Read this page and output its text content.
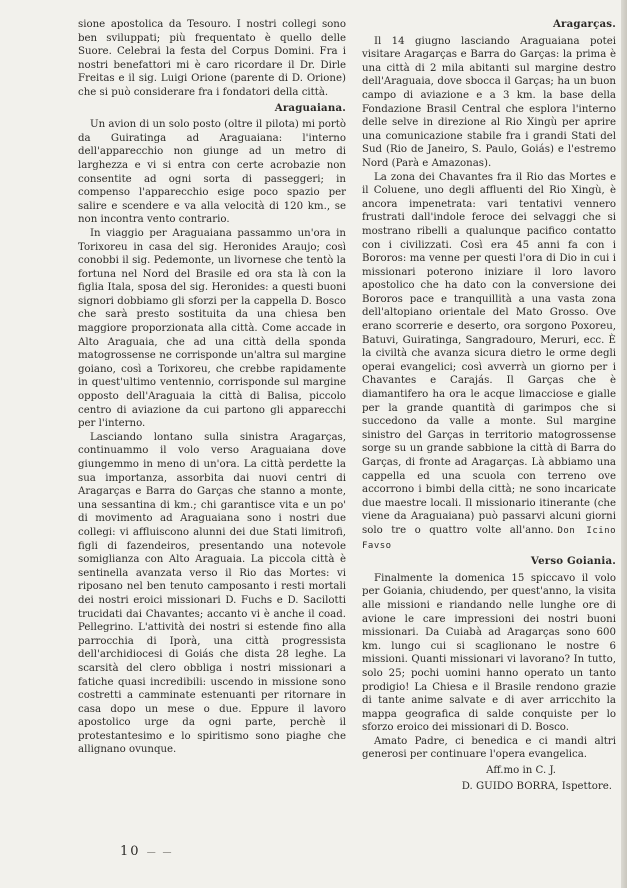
sione apostolica da Tesouro. I nostri collegi sono ben sviluppati; più frequentato è quello delle Suore. Celebrai la festa del Corpus Domini. Fra i nostri benefattori mi è caro ricordare il Dr. Dirle Freitas e il sig. Luigi Orione (parente di D. Orione) che si può considerare fra i fondatori della città.

Araguaiana.

Un avion di un solo posto (oltre il pilota) mi portò da Guiratinga ad Araguaiana: l'interno dell'apparecchio non giunge ad un metro di larghezza e vi si entra con certe acrobazie non consentite ad ogni sorta di passeggeri; in compenso l'apparecchio esige poco spazio per salire e scendere e va alla velocità di 120 km., se non incontra vento contrario.

In viaggio per Araguaiana passammo un'ora in Torixoreu in casa del sig. Heronides Araujo; così conobbi il sig. Pedemonte, un livornese che tentò la fortuna nel Nord del Brasile ed ora sta là con la figlia Itala, sposa del sig. Heronides: a questi buoni signori dobbiamo gli sforzi per la cappella D. Bosco che sarà presto sostituita da una chiesa ben maggiore proporzionata alla città. Come accade in Alto Araguaia, che ad una città della sponda matogrossense ne corrisponde un'altra sul margine goiano, così a Torixoreu, che crebbe rapidamente in quest'ultimo ventennio, corrisponde sul margine opposto dell'Araguaia la città di Balisa, piccolo centro di aviazione da cui partono gli apparecchi per l'interno.

Lasciando lontano sulla sinistra Aragarças, continuammo il volo verso Araguaiana dove giungemmo in meno di un'ora. La città perdette la sua importanza, assorbita dai nuovi centri di Aragarças e Barra do Garças che stanno a monte, una sessantina di km.; chi garantisce vita e un po' di movimento ad Araguaiana sono i nostri due collegi: vi affluiscono alunni dei due Stati limitrofi, figli di fazendeiros, presentando una notevole somiglianza con Alto Araguaia. La piccola città è sentinella avanzata verso il Rio das Mortes: vi riposano nel ben tenuto camposanto i resti mortali dei nostri eroici missionari D. Fuchs e D. Sacilotti trucidati dai Chavantes; accanto vi è anche il coad. Pellegrino. L'attività dei nostri si estende fino alla parrocchia di Iporà, una città progressista dell'archidiocesi di Goiás che dista 28 leghe. La scarsità del clero obbliga i nostri missionari a fatiche quasi incredibili: uscendo in missione sono costretti a camminate estenuanti per ritornare in casa dopo un mese o due. Eppure il lavoro apostolico urge da ogni parte, perchè il protestantesimo e lo spiritismo sono piaghe che allignano ovunque.

Aragarças.

Il 14 giugno lasciando Araguaiana potei visitare Aragarças e Barra do Garças: la prima è una città di 2 mila abitanti sul margine destro dell'Araguaia, dove sbocca il Garças; ha un buon campo di aviazione e a 3 km. la base della Fondazione Brasil Central che esplora l'interno delle selve in direzione al Rio Xingù per aprire una comunicazione stabile fra i grandi Stati del Sud (Rio de Janeiro, S. Paulo, Goiás) e l'estremo Nord (Parà e Amazonas).

La zona dei Chavantes fra il Rio das Mortes e il Coluene, uno degli affluenti del Rio Xingù, è ancora impenetrata: vari tentativi vennero frustrati dall'indole feroce dei selvaggi che si mostrano ribelli a qualunque pacifico contatto con i civilizzati. Così era 45 anni fa con i Bororos: ma venne per questi l'ora di Dio in cui i missionari poterono iniziare il loro lavoro apostolico che ha dato con la conversione dei Bororos pace e tranquillità a una vasta zona dell'altopiano orientale del Mato Grosso. Ove erano scorrerie e deserto, ora sorgono Poxoreu, Batuvi, Guiratinga, Sangradouro, Meruri, ecc. È la civiltà che avanza sicura dietro le orme degli operai evangelici; così avverrà un giorno per i Chavantes e Carajás. Il Garças che è diamantifero ha ora le acque limacciose e gialle per la grande quantità di garimpos che si succedono da valle a monte. Sul margine sinistro del Garças in territorio matogrossense sorge su un grande sabbione la città di Barra do Garças, di fronte ad Aragarças. Là abbiamo una cappella ed una scuola con terreno ove accorrono i bimbi della città; ne sono incaricate due maestre locali. Il missionario itinerante (che viene da Araguaiana) può passarvi alcuni giorni solo tre o quattro volte all'anno. Don Icino Favso

Verso Goiania.

Finalmente la domenica 15 spiccavo il volo per Goiania, chiudendo, per quest'anno, la visita alle missioni e riandando nelle lunghe ore di avione le care impressioni dei nostri buoni missionari. Da Cuiabà ad Aragarças sono 600 km. lungo cui si scaglionano le nostre 6 missioni. Quanti missionari vi lavorano? In tutto, solo 25; pochi uomini hanno operato un tanto prodigio! La Chiesa e il Brasile rendono grazie di tante anime salvate e di aver arricchito la mappa geografica di salde conquiste per lo sforzo eroico dei missionari di D. Bosco.

Amato Padre, ci benedica e ci mandi altri generosi per continuare l'opera evangelica.

Aff.mo in C. J.
D. GUIDO BORRA, Ispettore.
10 — —
